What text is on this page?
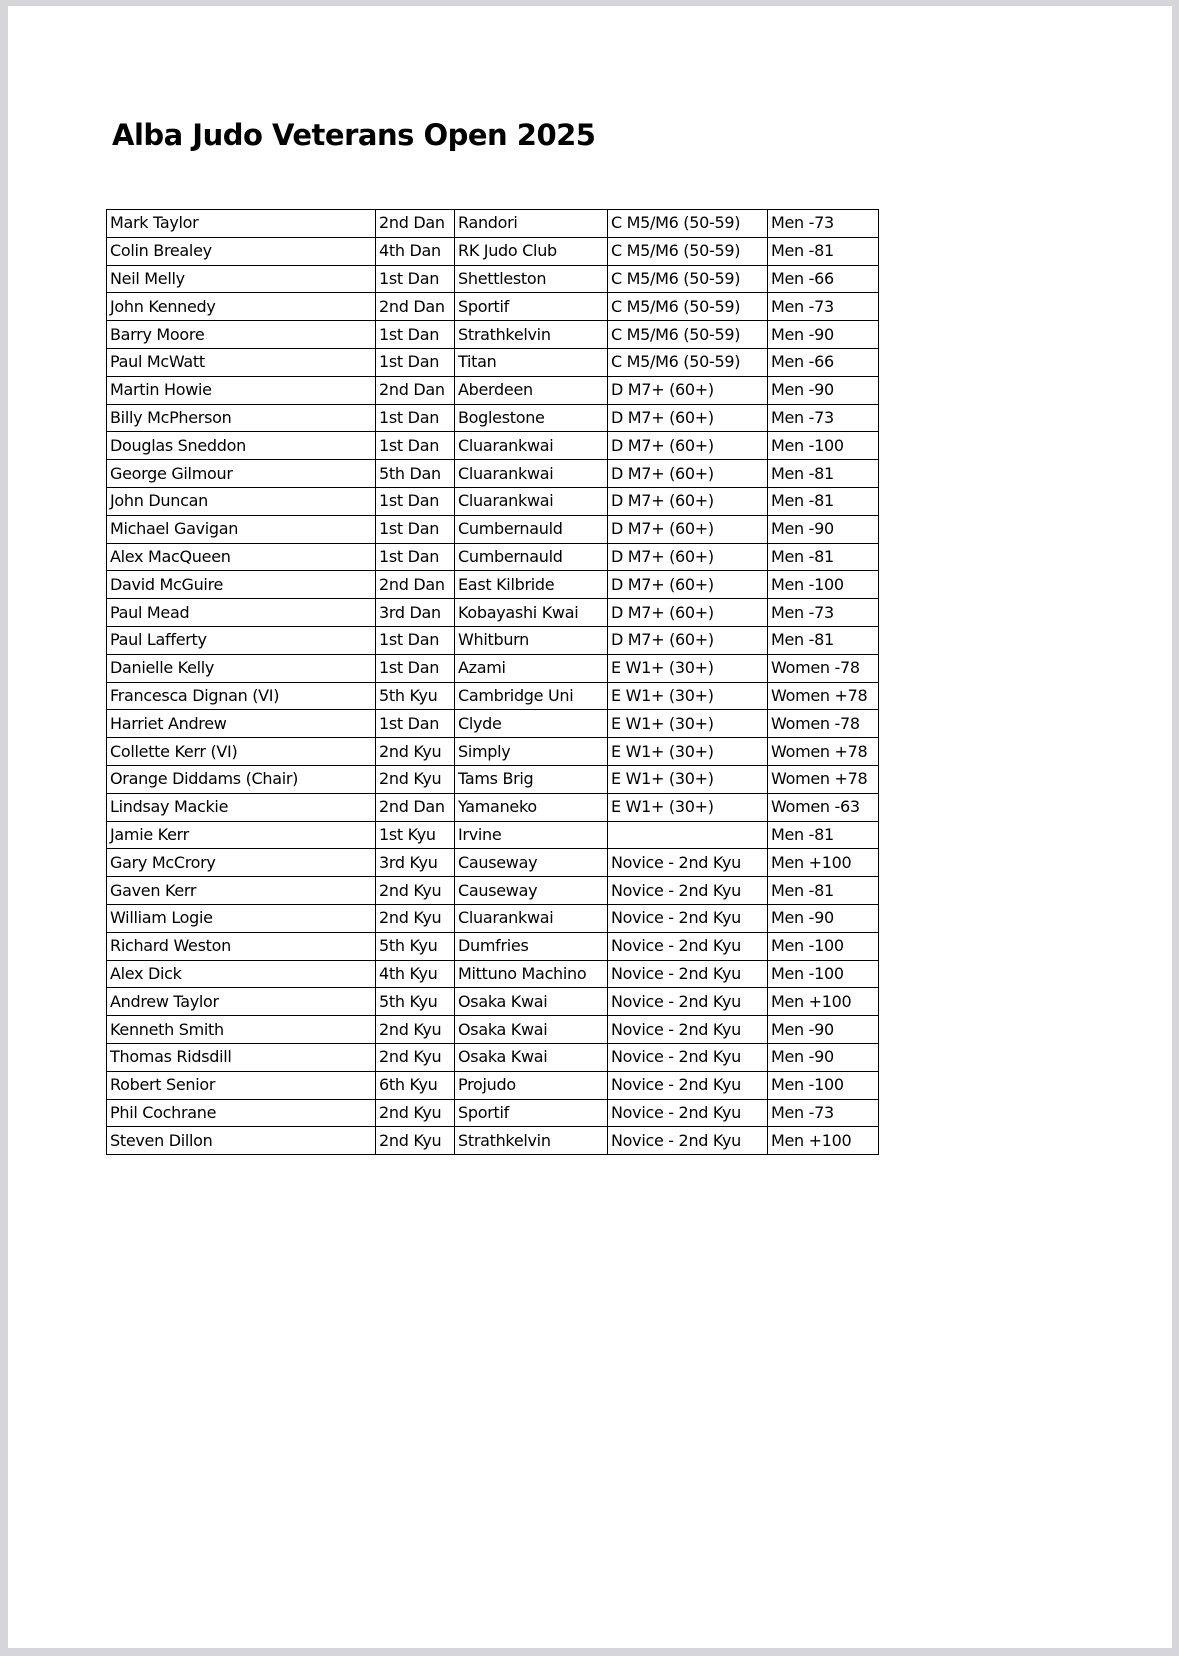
Alba Judo Veterans Open 2025
Mark Taylor	2nd Dan	Randori	C M5/M6 (50-59)	Men -73
Colin Brealey	4th Dan	RK Judo Club	C M5/M6 (50-59)	Men -81
Neil Melly	1st Dan	Shettleston	C M5/M6 (50-59)	Men -66
John Kennedy	2nd Dan	Sportif	C M5/M6 (50-59)	Men -73
Barry Moore	1st Dan	Strathkelvin	C M5/M6 (50-59)	Men -90
Paul McWatt	1st Dan	Titan	C M5/M6 (50-59)	Men -66
Martin Howie	2nd Dan	Aberdeen	D M7+ (60+)	Men -90
Billy McPherson	1st Dan	Boglestone	D M7+ (60+)	Men -73
Douglas Sneddon	1st Dan	Cluarankwai	D M7+ (60+)	Men -100
George Gilmour	5th Dan	Cluarankwai	D M7+ (60+)	Men -81
John Duncan	1st Dan	Cluarankwai	D M7+ (60+)	Men -81
Michael Gavigan	1st Dan	Cumbernauld	D M7+ (60+)	Men -90
Alex MacQueen	1st Dan	Cumbernauld	D M7+ (60+)	Men -81
David McGuire	2nd Dan	East Kilbride	D M7+ (60+)	Men -100
Paul Mead	3rd Dan	Kobayashi Kwai	D M7+ (60+)	Men -73
Paul Lafferty	1st Dan	Whitburn	D M7+ (60+)	Men -81
Danielle Kelly	1st Dan	Azami	E W1+ (30+)	Women -78
Francesca Dignan (VI)	5th Kyu	Cambridge Uni	E W1+ (30+)	Women +78
Harriet Andrew	1st Dan	Clyde	E W1+ (30+)	Women -78
Collette Kerr (VI)	2nd Kyu	Simply	E W1+ (30+)	Women +78
Orange Diddams (Chair)	2nd Kyu	Tams Brig	E W1+ (30+)	Women +78
Lindsay Mackie	2nd Dan	Yamaneko	E W1+ (30+)	Women -63
Jamie Kerr	1st Kyu	Irvine		Men -81
Gary McCrory	3rd Kyu	Causeway	Novice - 2nd Kyu	Men +100
Gaven Kerr	2nd Kyu	Causeway	Novice - 2nd Kyu	Men -81
William Logie	2nd Kyu	Cluarankwai	Novice - 2nd Kyu	Men -90
Richard Weston	5th Kyu	Dumfries	Novice - 2nd Kyu	Men -100
Alex Dick	4th Kyu	Mittuno Machino	Novice - 2nd Kyu	Men -100
Andrew Taylor	5th Kyu	Osaka Kwai	Novice - 2nd Kyu	Men +100
Kenneth Smith	2nd Kyu	Osaka Kwai	Novice - 2nd Kyu	Men -90
Thomas Ridsdill	2nd Kyu	Osaka Kwai	Novice - 2nd Kyu	Men -90
Robert Senior	6th Kyu	Projudo	Novice - 2nd Kyu	Men -100
Phil Cochrane	2nd Kyu	Sportif	Novice - 2nd Kyu	Men -73
Steven Dillon	2nd Kyu	Strathkelvin	Novice - 2nd Kyu	Men +100
